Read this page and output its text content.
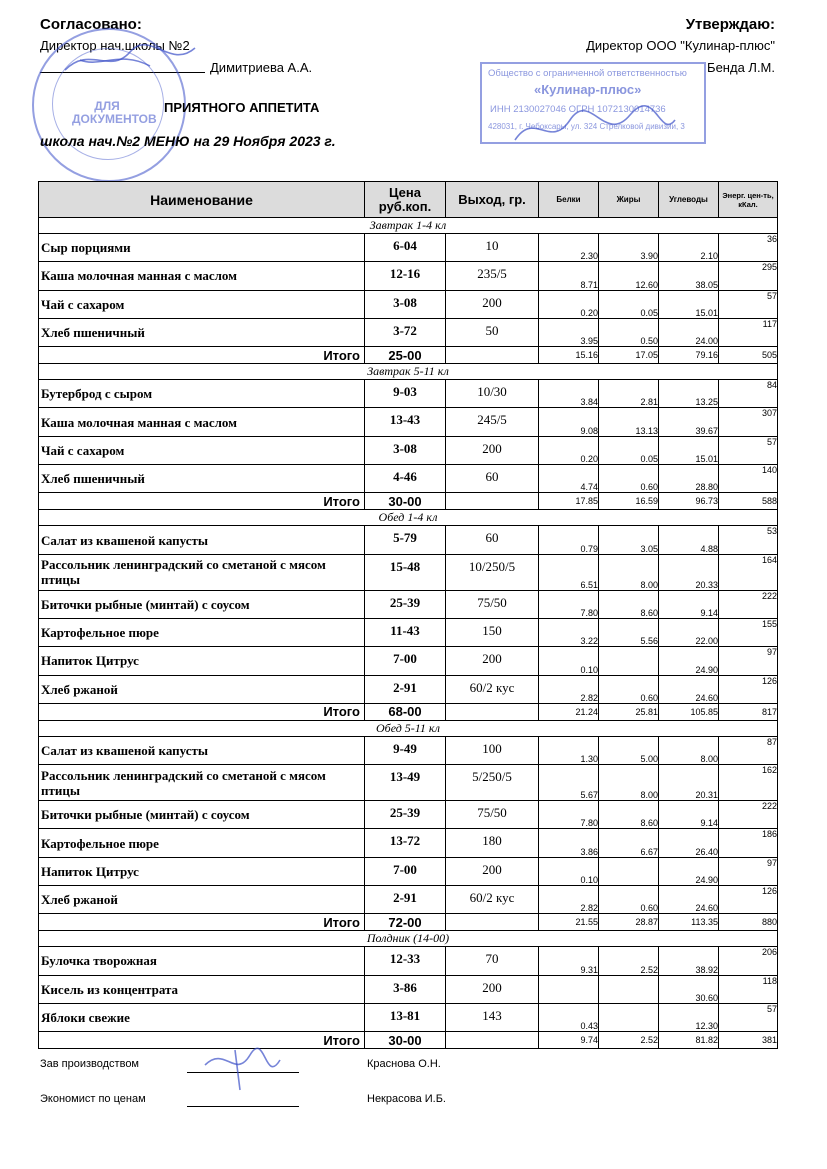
Согласовано:
Директор нач.школы №2
Димитриева А.А.
Утверждаю:
Директор ООО "Кулинар-плюс"
Бенда Л.М.
ДЛЯ ДОКУМЕНТОВ
ПРИЯТНОГО АППЕТИТА
школа нач.№2 МЕНЮ на 29 Ноября 2023 г.
Общество с ограниченной ответственностью
«Кулинар-плюс»
ИНН 2130027046 ОГРН 1072130014736
428031, г. Чебоксары, ул. 324 Стрелковой дивизии, 3
Наименование	Цена руб.коп.	Выход, гр.	Белки	Жиры	Углеводы	Энерг. цен-ть, кКал.
Завтрак 1-4 кл						
Сыр порциями	6-04	10	2.30	3.90	2.10	36
Каша молочная манная с маслом	12-16	235/5	8.71	12.60	38.05	295
Чай с сахаром	3-08	200	0.20	0.05	15.01	57
Хлеб пшеничный	3-72	50	3.95	0.50	24.00	117
Итого	25-00		15.16	17.05	79.16	505
Завтрак 5-11 кл						
Бутерброд с сыром	9-03	10/30	3.84	2.81	13.25	84
Каша молочная манная с маслом	13-43	245/5	9.08	13.13	39.67	307
Чай с сахаром	3-08	200	0.20	0.05	15.01	57
Хлеб пшеничный	4-46	60	4.74	0.60	28.80	140
Итого	30-00		17.85	16.59	96.73	588
Обед 1-4 кл						
Салат из квашеной капусты	5-79	60	0.79	3.05	4.88	53
Рассольник ленинградский со сметаной с мясом птицы	15-48	10/250/5	6.51	8.00	20.33	164
Биточки рыбные (минтай) с соусом	25-39	75/50	7.80	8.60	9.14	222
Картофельное пюре	11-43	150	3.22	5.56	22.00	155
Напиток Цитрус	7-00	200	0.10		24.90	97
Хлеб ржаной	2-91	60/2 кус	2.82	0.60	24.60	126
Итого	68-00		21.24	25.81	105.85	817
Обед 5-11 кл						
Салат из квашеной капусты	9-49	100	1.30	5.00	8.00	87
Рассольник ленинградский со сметаной с мясом птицы	13-49	5/250/5	5.67	8.00	20.31	162
Биточки рыбные (минтай) с соусом	25-39	75/50	7.80	8.60	9.14	222
Картофельное пюре	13-72	180	3.86	6.67	26.40	186
Напиток Цитрус	7-00	200	0.10		24.90	97
Хлеб ржаной	2-91	60/2 кус	2.82	0.60	24.60	126
Итого	72-00		21.55	28.87	113.35	880
Полдник (14-00)						
Булочка творожная	12-33	70	9.31	2.52	38.92	206
Кисель из концентрата	3-86	200			30.60	118
Яблоки свежие	13-81	143	0.43		12.30	57
Итого	30-00		9.74	2.52	81.82	381
Зав производством	Краснова О.Н.
Экономист по ценам	Некрасова И.Б.
